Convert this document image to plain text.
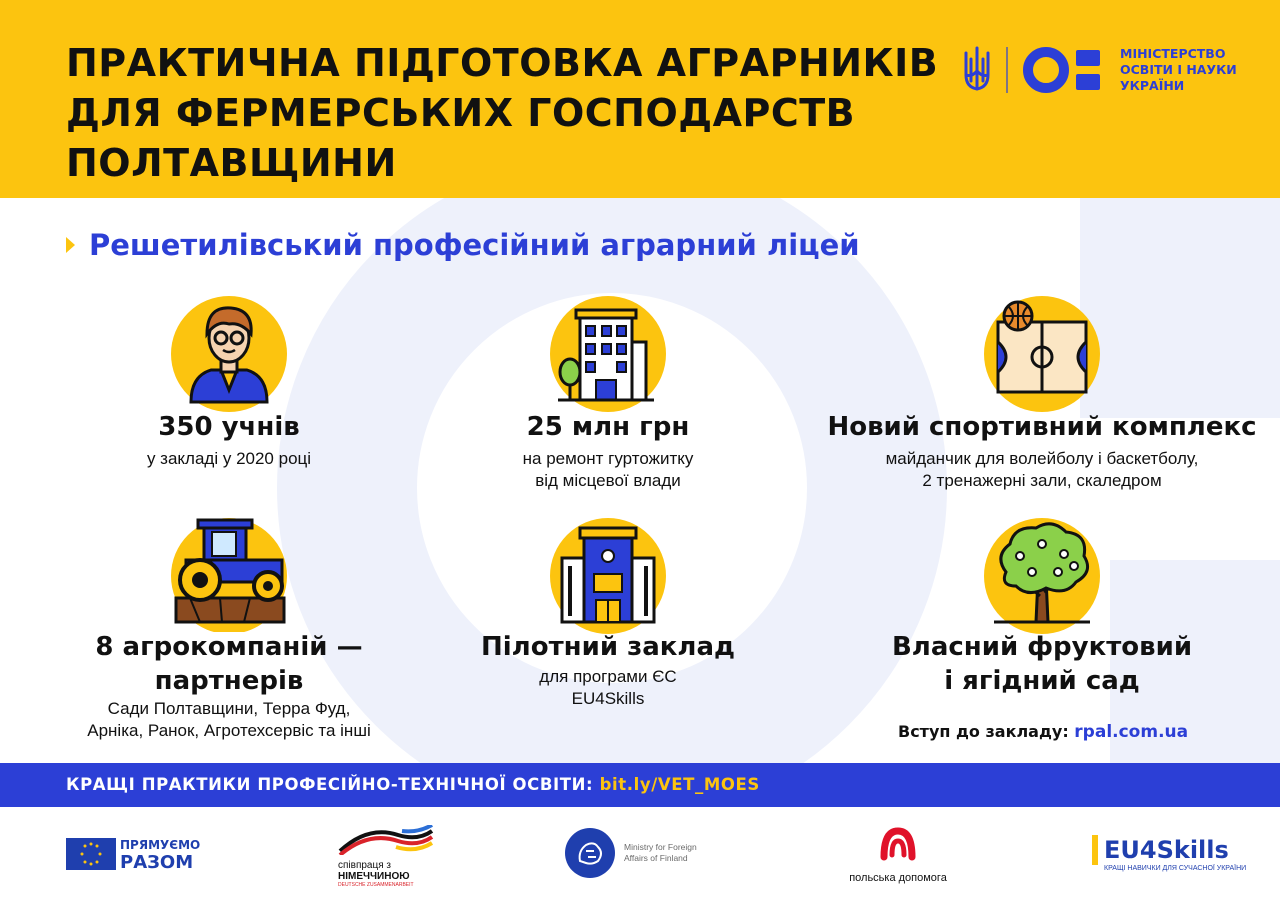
ПРАКТИЧНА ПІДГОТОВКА АГРАРНИКІВ
ДЛЯ ФЕРМЕРСЬКИХ ГОСПОДАРСТВ
ПОЛТАВЩИНИ
МІНІСТЕРСТВО
ОСВІТИ І НАУКИ
УКРАЇНИ
Решетилівський професійний аграрний ліцей
350 учнів
у закладі у 2020 році
25 млн грн
на ремонт гуртожитку
від місцевої влади
Новий спортивний комплекс
майданчик для волейболу і баскетболу,
2 тренажерні зали, скаледром
8 агрокомпаній —
партнерів
Сади Полтавщини, Терра Фуд,
Арніка, Ранок, Агротехсервіс та інші
Пілотний заклад
для програми ЄС
EU4Skills
Власний фруктовий
і ягідний сад
Вступ до закладу: rpal.com.ua
КРАЩІ ПРАКТИКИ ПРОФЕСІЙНО-ТЕХНІЧНОЇ ОСВІТИ: bit.ly/VET_MOES
ПРЯМУЄМО
РАЗОМ	співпраця з
НІМЕЧЧИНОЮ
DEUTSCHE ZUSAMMENARBEIT
Ministry for Foreign
Affairs of Finland
польська допомога
EU4Skills
КРАЩІ НАВИЧКИ ДЛЯ СУЧАСНОЇ УКРАЇНИ
